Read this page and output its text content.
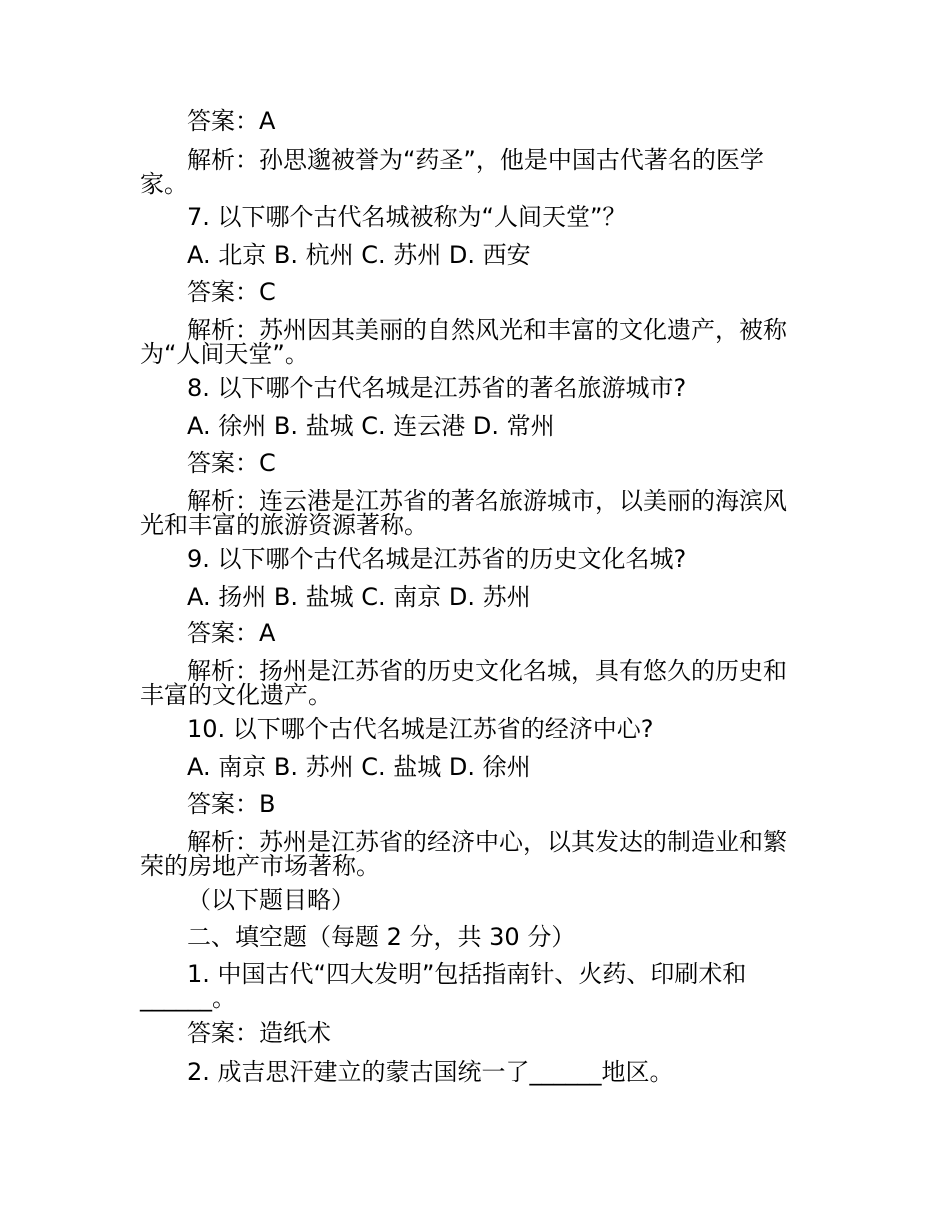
答案：A
解析：孙思邈被誉为“药圣”，他是中国古代著名的医学家。
7. 以下哪个古代名城被称为“人间天堂”？
A. 北京 B. 杭州 C. 苏州 D. 西安
答案：C
解析：苏州因其美丽的自然风光和丰富的文化遗产，被称为“人间天堂”。
8. 以下哪个古代名城是江苏省的著名旅游城市?
A. 徐州 B. 盐城 C. 连云港 D. 常州
答案：C
解析：连云港是江苏省的著名旅游城市，以美丽的海滨风光和丰富的旅游资源著称。
9. 以下哪个古代名城是江苏省的历史文化名城?
A. 扬州 B. 盐城 C. 南京 D. 苏州
答案：A
解析：扬州是江苏省的历史文化名城，具有悠久的历史和丰富的文化遗产。
10. 以下哪个古代名城是江苏省的经济中心?
A. 南京 B. 苏州 C. 盐城 D. 徐州
答案：B
解析：苏州是江苏省的经济中心，以其发达的制造业和繁荣的房地产市场著称。
（以下题目略）
二、填空题（每题 2 分，共 30 分）
1. 中国古代“四大发明”包括指南针、火药、印刷术和______。
答案：造纸术
2. 成吉思汗建立的蒙古国统一了______地区。
